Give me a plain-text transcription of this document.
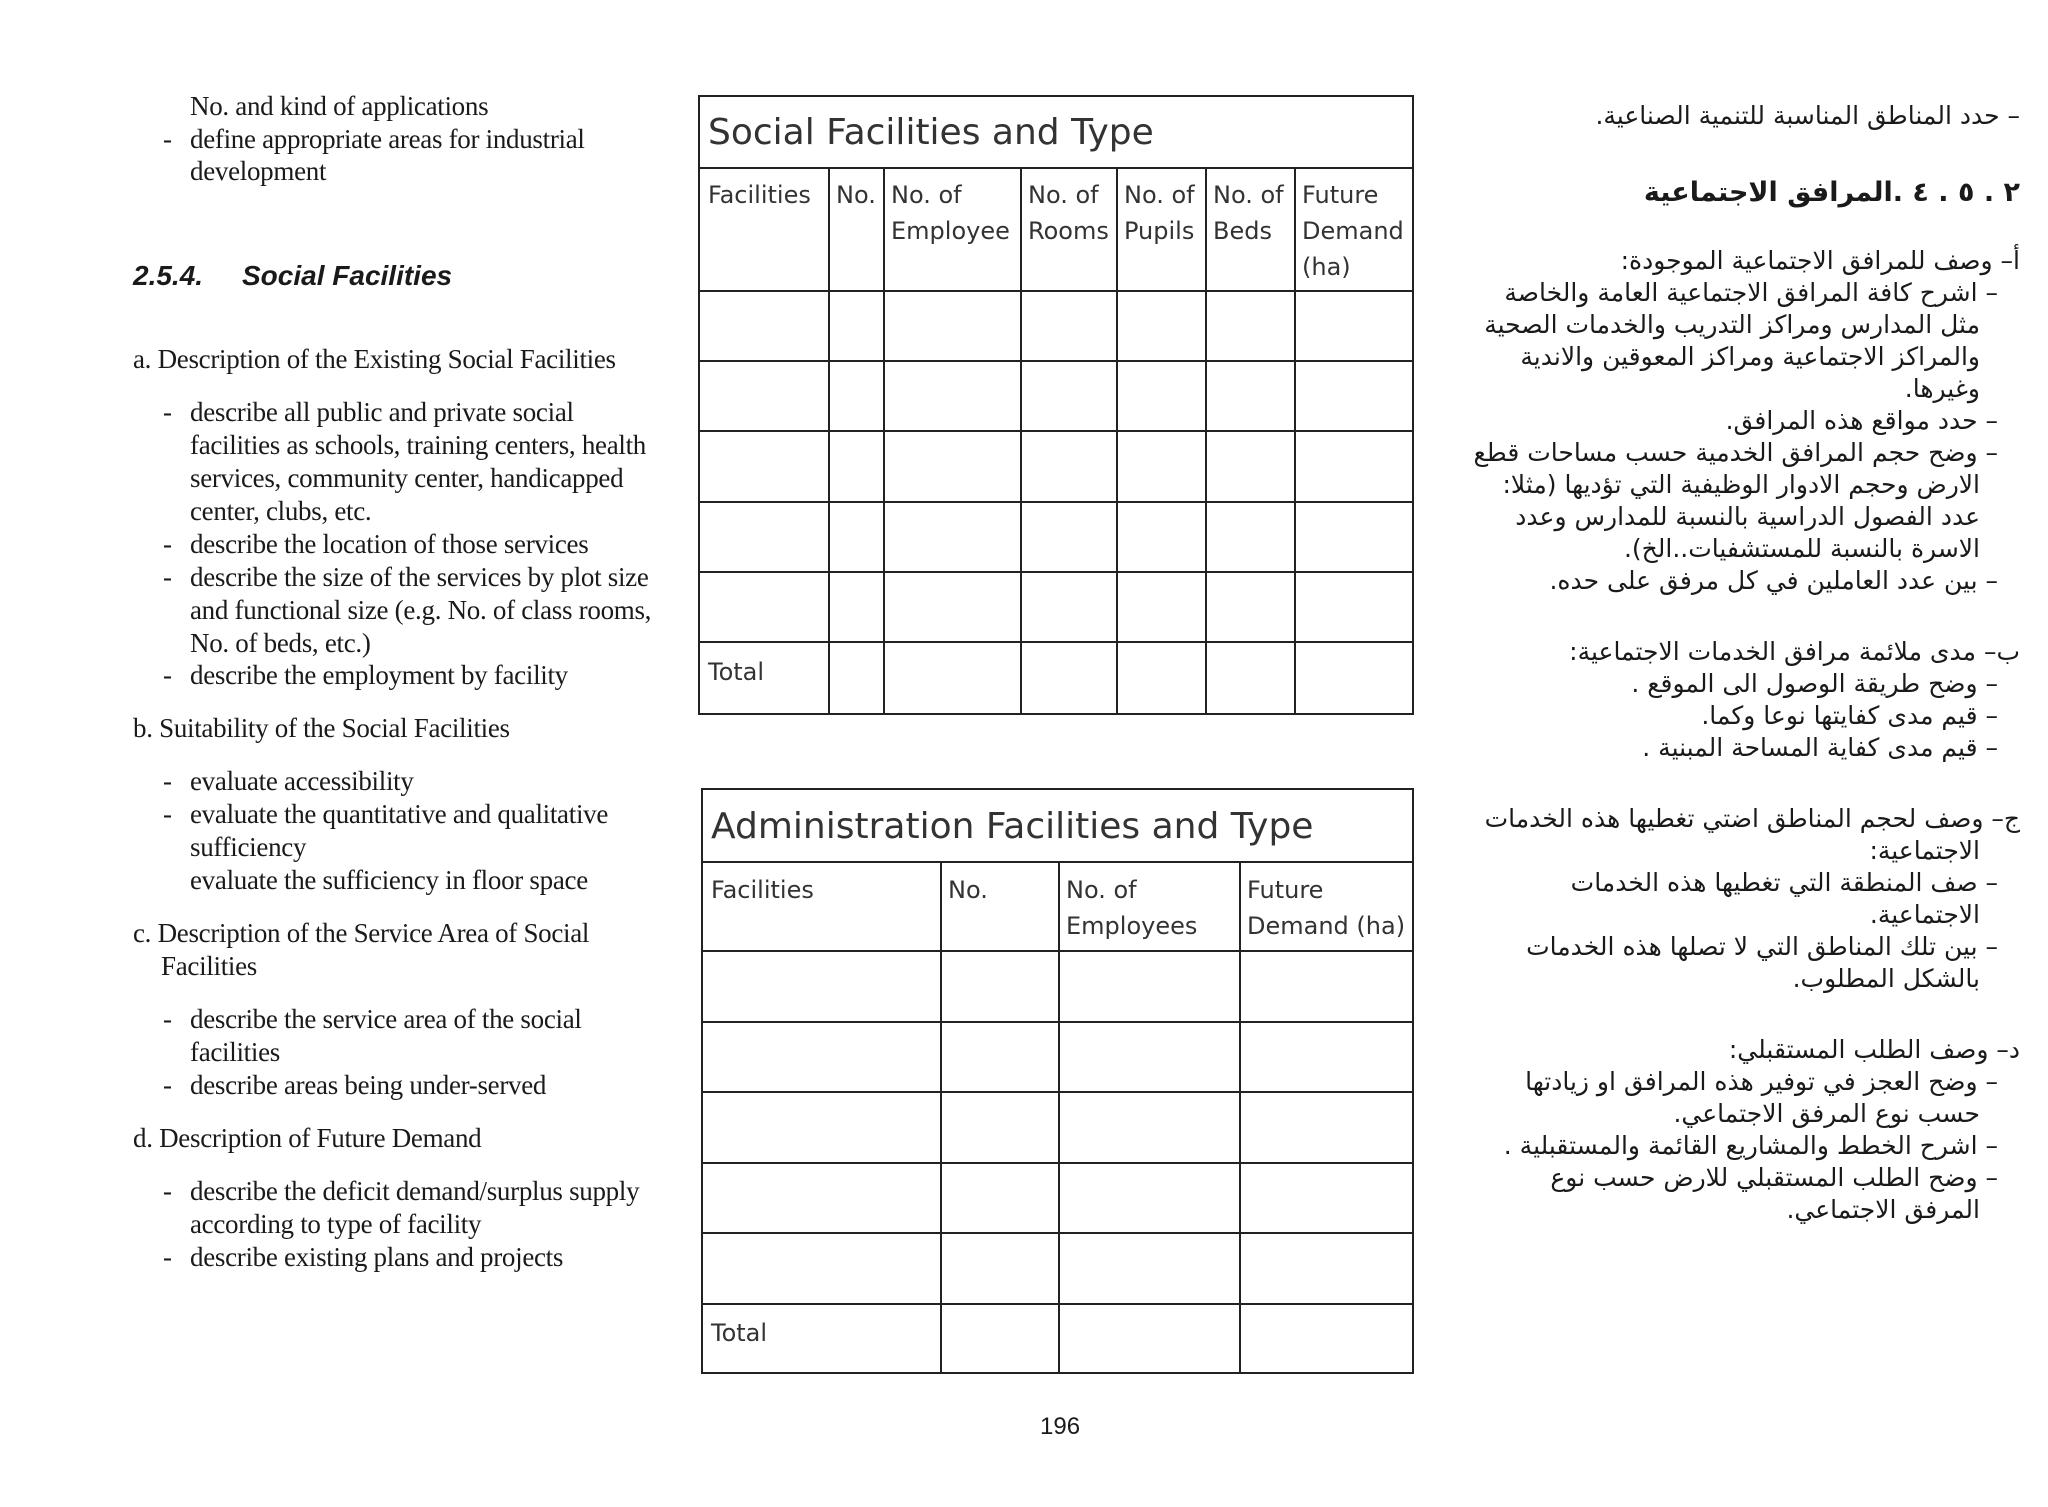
No. and kind of applications
- define appropriate areas for industrial
development
2.5.4. Social Facilities
a. Description of the Existing Social Facilities
- describe all public and private social
facilities as schools, training centers, health
services, community center, handicapped
center, clubs, etc.
- describe the location of those services
- describe the size of the services by plot size
and functional size (e.g. No. of class rooms,
No. of beds, etc.)
- describe the employment by facility
b. Suitability of the Social Facilities
- evaluate accessibility
- evaluate the quantitative and qualitative
sufficiency
evaluate the sufficiency in floor space
c. Description of the Service Area of Social
Facilities
- describe the service area of the social
facilities
- describe areas being under-served
d. Description of Future Demand
- describe the deficit demand/surplus supply
according to type of facility
- describe existing plans and projects
Social Facilities and Type
Facilities No. No. of
Employee
No. of
Rooms
No. of
Pupils
No. of
Beds
Future
Demand
(ha)
Total
Administration Facilities and Type
Facilities	No.	No. of
Employees
Future
Demand (ha)
Total
– حدد المناطق المناسبة للتنمية الصناعية.
٢ . ٥ . ٤ .المرافق الاجتماعية
أ– وصف للمرافق الاجتماعية الموجودة:
– اشرح كافة المرافق الاجتماعية العامة والخاصة
مثل المدارس ومراكز التدريب والخدمات الصحية
والمراكز الاجتماعية ومراكز المعوقين والاندية
وغيرها.
– حدد مواقع هذه المرافق.
– وضح حجم المرافق الخدمية حسب مساحات قطع
الارض وحجم الادوار الوظيفية التي تؤديها (مثلا:
عدد الفصول الدراسية بالنسبة للمدارس وعدد
الاسرة بالنسبة للمستشفيات..الخ).
– بين عدد العاملين في كل مرفق على حده.
ب– مدى ملائمة مرافق الخدمات الاجتماعية:
– وضح طريقة الوصول الى الموقع .
– قيم مدى كفايتها نوعا وكما.
– قيم مدى كفاية المساحة المبنية .
ج– وصف لحجم المناطق اضتي تغطيها هذه الخدمات
الاجتماعية:
– صف المنطقة التي تغطيها هذه الخدمات
الاجتماعية.
– بين تلك المناطق التي لا تصلها هذه الخدمات
بالشكل المطلوب.
د– وصف الطلب المستقبلي:
– وضح العجز في توفير هذه المرافق او زيادتها
حسب نوع المرفق الاجتماعي.
– اشرح الخطط والمشاريع القائمة والمستقبلية .
– وضح الطلب المستقبلي للارض حسب نوع
المرفق الاجتماعي.
196
